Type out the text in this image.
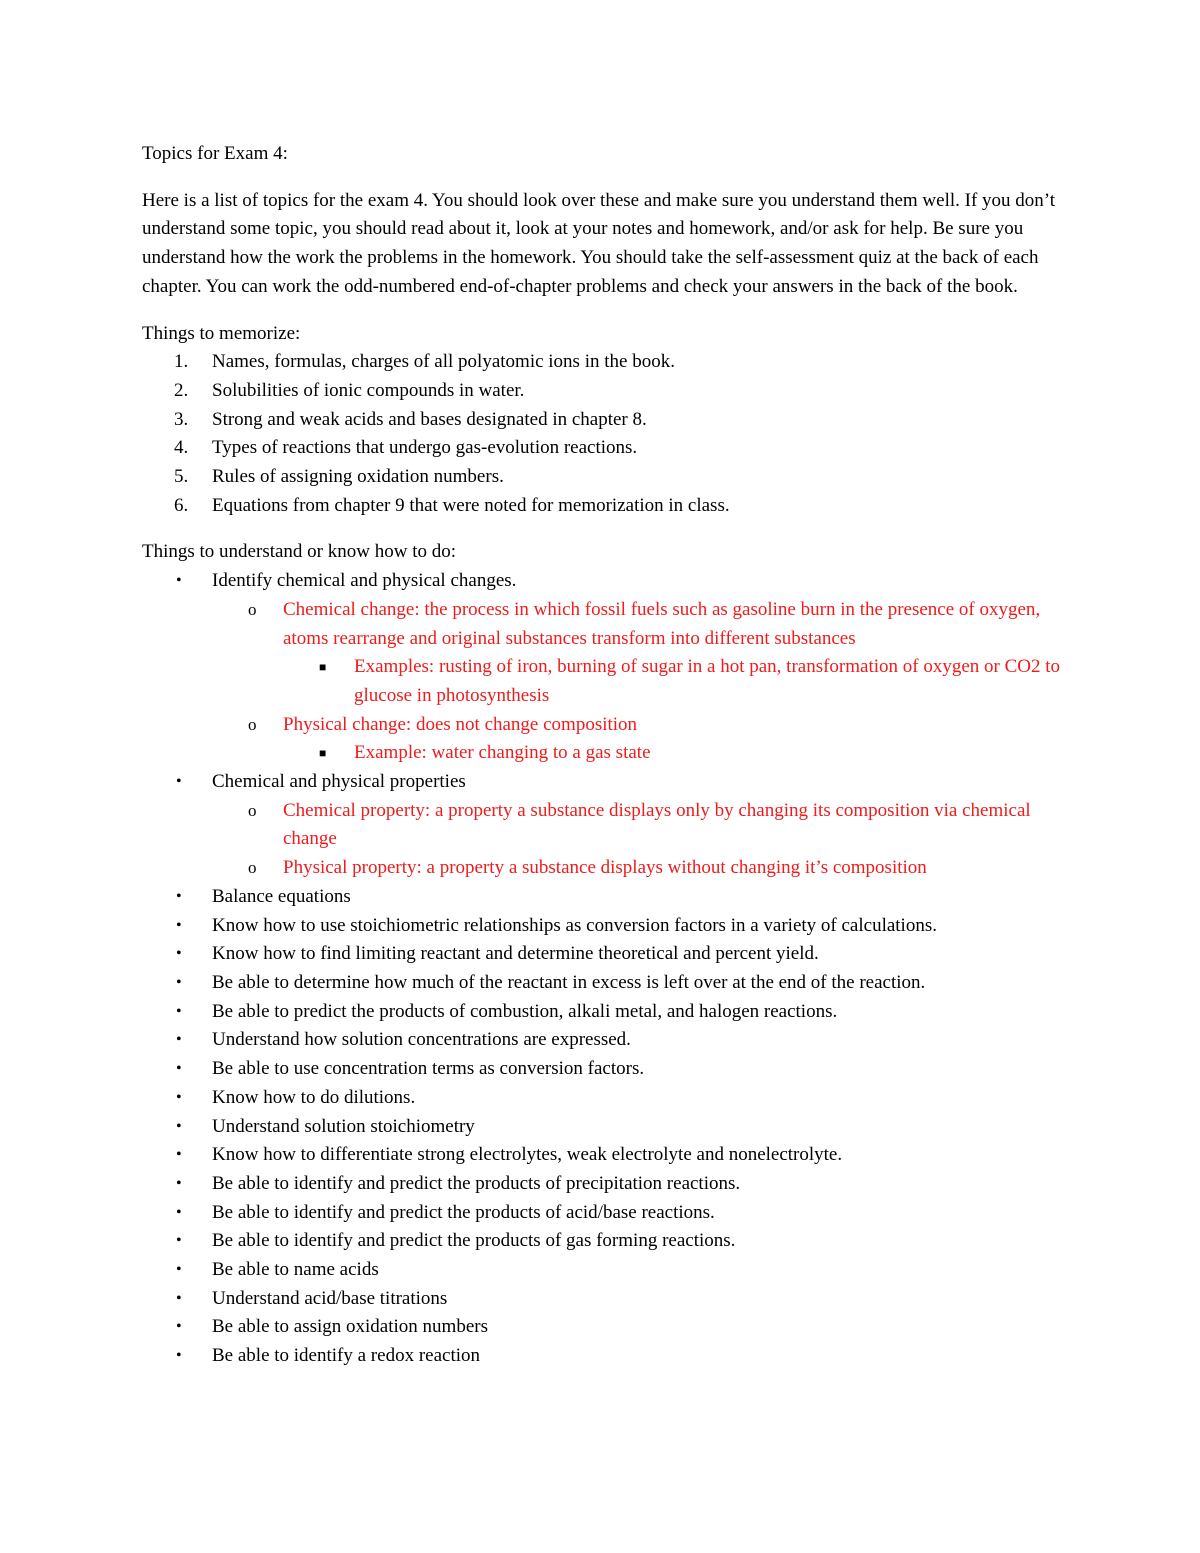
Topics for Exam 4:

Here is a list of topics for the exam 4. You should look over these and make sure you understand them well. If you don’t understand some topic, you should read about it, look at your notes and homework, and/or ask for help. Be sure you understand how the work the problems in the homework. You should take the self-assessment quiz at the back of each chapter. You can work the odd-numbered end-of-chapter problems and check your answers in the back of the book.

Things to memorize:

1. Names, formulas, charges of all polyatomic ions in the book.
2. Solubilities of ionic compounds in water.
3. Strong and weak acids and bases designated in chapter 8.
4. Types of reactions that undergo gas-evolution reactions.
5. Rules of assigning oxidation numbers.
6. Equations from chapter 9 that were noted for memorization in class.

Things to understand or know how to do:

• Identify chemical and physical changes.
o Chemical change: the process in which fossil fuels such as gasoline burn in the presence of oxygen, atoms rearrange and original substances transform into different substances
■ Examples: rusting of iron, burning of sugar in a hot pan, transformation of oxygen or CO2 to glucose in photosynthesis
o Physical change: does not change composition
■ Example: water changing to a gas state
• Chemical and physical properties
o Chemical property: a property a substance displays only by changing its composition via chemical change
o Physical property: a property a substance displays without changing it’s composition
• Balance equations
• Know how to use stoichiometric relationships as conversion factors in a variety of calculations.
• Know how to find limiting reactant and determine theoretical and percent yield.
• Be able to determine how much of the reactant in excess is left over at the end of the reaction.
• Be able to predict the products of combustion, alkali metal, and halogen reactions.
• Understand how solution concentrations are expressed.
• Be able to use concentration terms as conversion factors.
• Know how to do dilutions.
• Understand solution stoichiometry
• Know how to differentiate strong electrolytes, weak electrolyte and nonelectrolyte.
• Be able to identify and predict the products of precipitation reactions.
• Be able to identify and predict the products of acid/base reactions.
• Be able to identify and predict the products of gas forming reactions.
• Be able to name acids
• Understand acid/base titrations
• Be able to assign oxidation numbers
• Be able to identify a redox reaction
